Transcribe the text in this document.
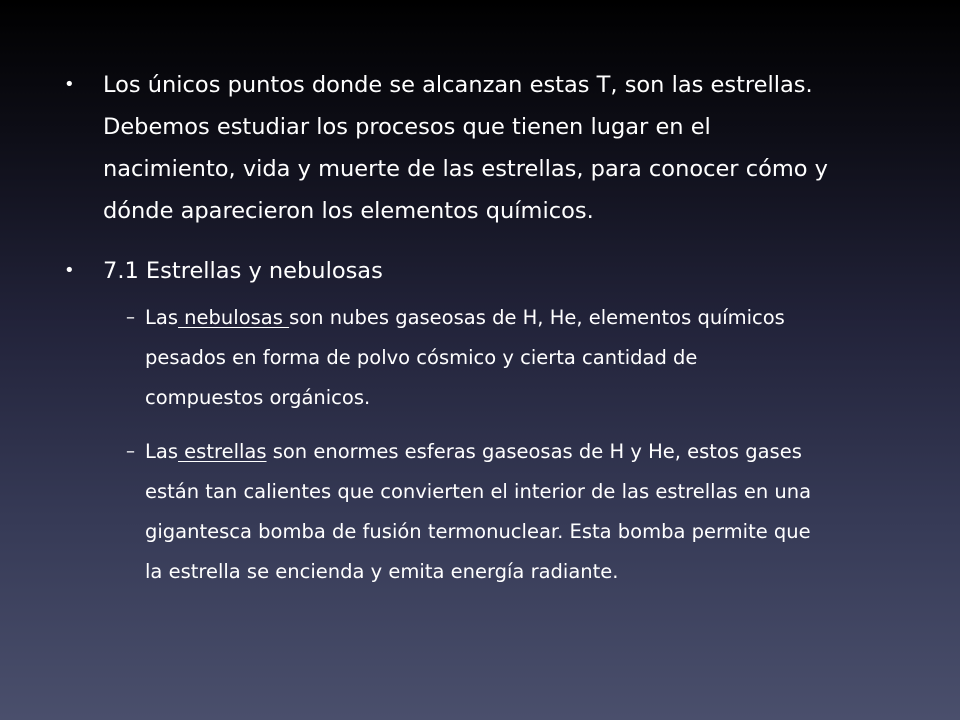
•	Los únicos puntos donde se alcanzan estas T, son las estrellas.
Debemos estudiar los procesos que tienen lugar en el
nacimiento, vida y muerte de las estrellas, para conocer cómo y
dónde aparecieron los elementos químicos.
•	7.1 Estrellas y nebulosas
– Las nebulosas son nubes gaseosas de H, He, elementos químicos
pesados en forma de polvo cósmico y cierta cantidad de
compuestos orgánicos.
– Las estrellas son enormes esferas gaseosas de H y He, estos gases
están tan calientes que convierten el interior de las estrellas en una
gigantesca bomba de fusión termonuclear. Esta bomba permite que
la estrella se encienda y emita energía radiante.
